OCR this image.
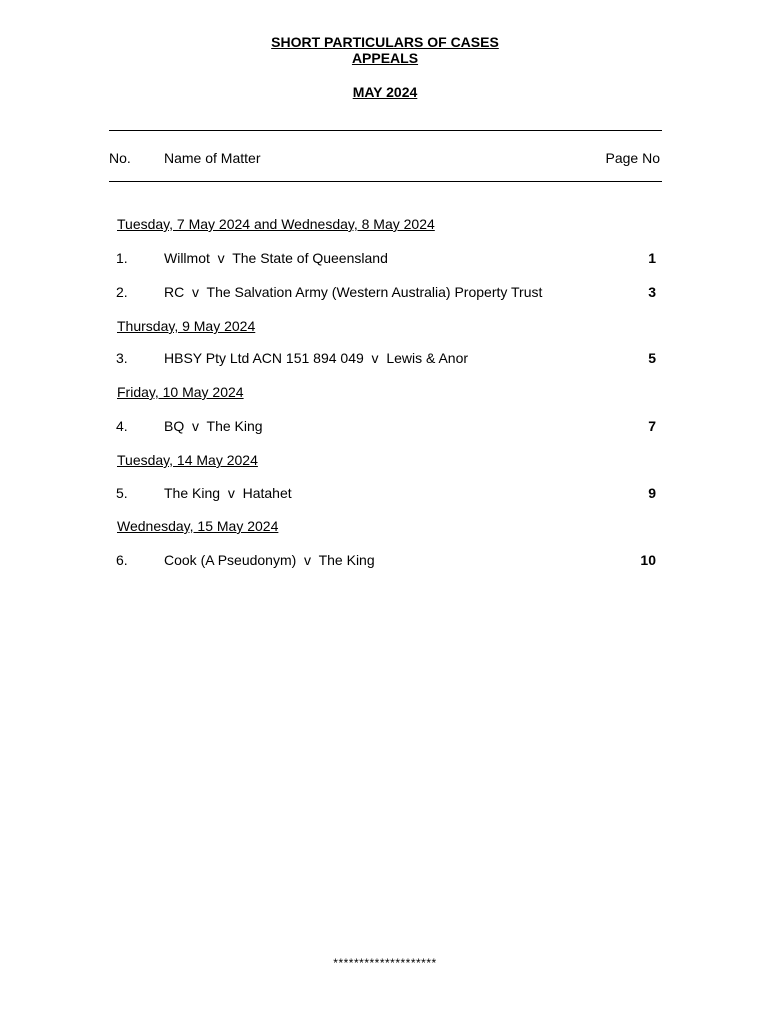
SHORT PARTICULARS OF CASES
APPEALS
MAY 2024
No. Name of Matter	Page No
Tuesday, 7 May 2024 and Wednesday, 8 May 2024
1.	Willmot  v  The State of Queensland	1
2.	RC  v  The Salvation Army (Western Australia) Property Trust	3
Thursday, 9 May 2024
3.	HBSY Pty Ltd ACN 151 894 049  v  Lewis & Anor	5
Friday, 10 May 2024
4.	BQ  v  The King	7
Tuesday, 14 May 2024
5.	The King  v  Hatahet	9
Wednesday, 15 May 2024
6.	Cook (A Pseudonym)  v  The King	10
********************
